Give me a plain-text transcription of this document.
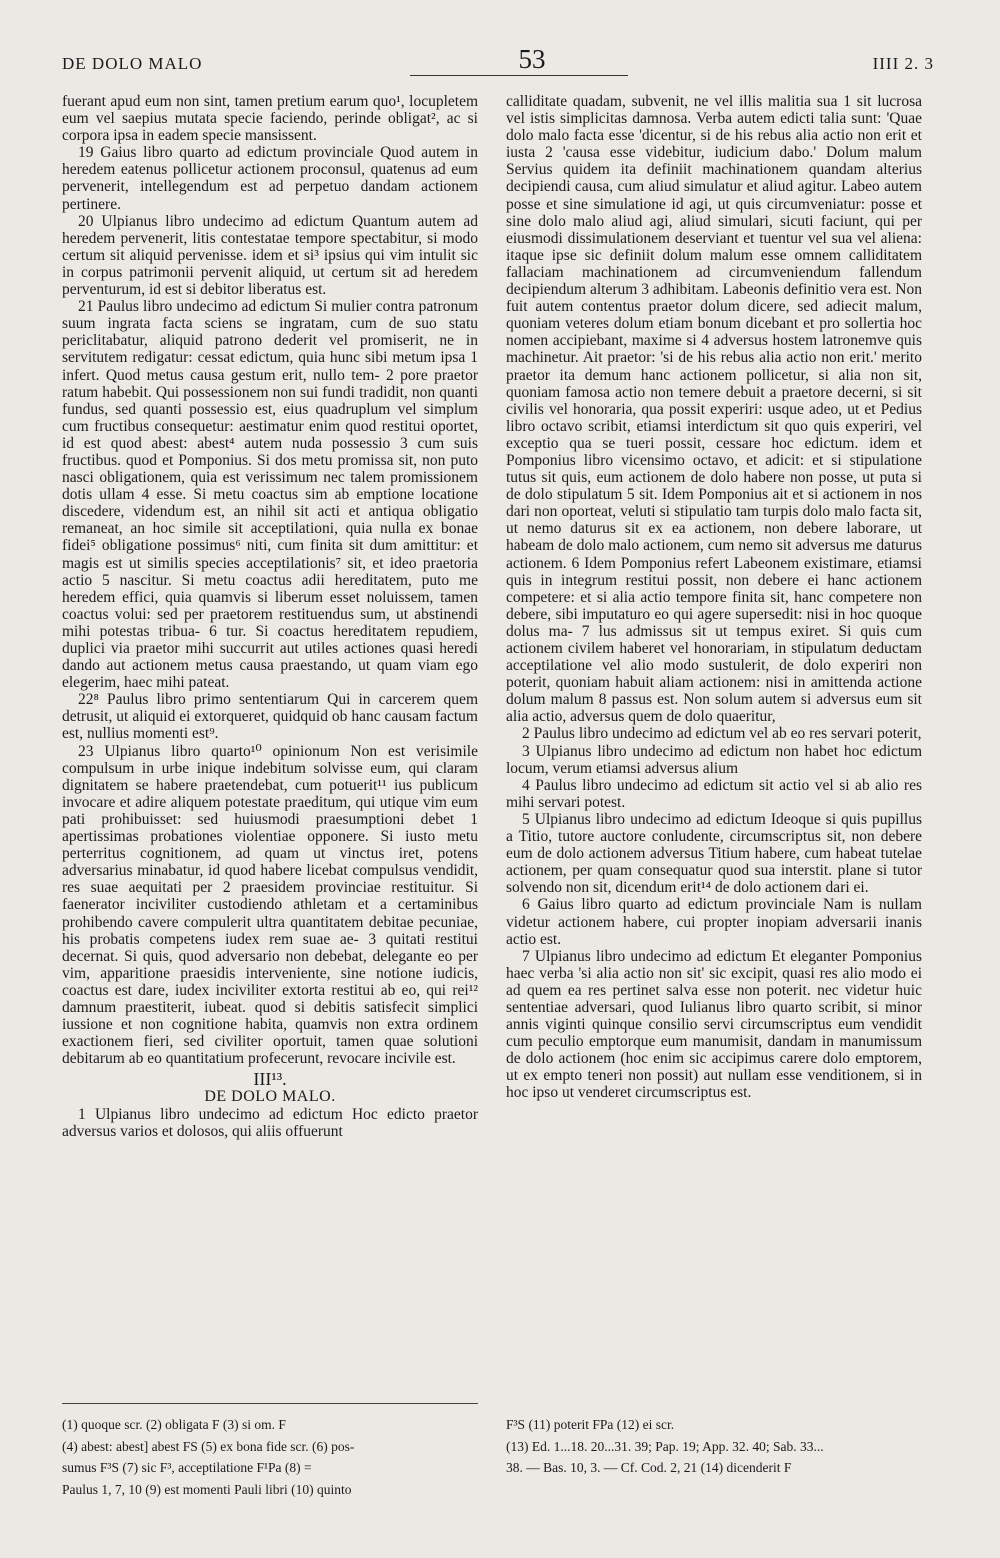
DE DOLO MALO	53	IIII 2. 3

fuerant apud eum non sint, tamen pretium earum quo¹, locupletem eum vel saepius mutata specie faciendo, perinde obligat², ac si corpora ipsa in eadem specie mansissent.

19 Gaius libro quarto ad edictum provinciale Quod autem in heredem eatenus pollicetur actionem proconsul, quatenus ad eum pervenerit, intellegendum est ad perpetuo dandam actionem pertinere.

20 Ulpianus libro undecimo ad edictum Quantum autem ad heredem pervenerit, litis contestatae tempore spectabitur, si modo certum sit aliquid pervenisse. idem et si³ ipsius qui vim intulit sic in corpus patrimonii pervenit aliquid, ut certum sit ad heredem perventurum, id est si debitor liberatus est.

21 Paulus libro undecimo ad edictum Si mulier contra patronum suum ingrata facta sciens se ingratam, cum de suo statu periclitabatur, aliquid patrono dederit vel promiserit, ne in servitutem redigatur: cessat edictum, quia hunc sibi metum ipsa 1 infert. Quod metus causa gestum erit, nullo tem- 2 pore praetor ratum habebit. Qui possessionem non sui fundi tradidit, non quanti fundus, sed quanti possessio est, eius quadruplum vel simplum cum fructibus consequetur: aestimatur enim quod restitui oportet, id est quod abest: abest⁴ autem nuda possessio 3 cum suis fructibus. quod et Pomponius. Si dos metu promissa sit, non puto nasci obligationem, quia est verissimum nec talem promissionem dotis ullam 4 esse. Si metu coactus sim ab emptione locatione discedere, videndum est, an nihil sit acti et antiqua obligatio remaneat, an hoc simile sit acceptilationi, quia nulla ex bonae fidei⁵ obligatione possimus⁶ niti, cum finita sit dum amittitur: et magis est ut similis species acceptilationis⁷ sit, et ideo praetoria actio 5 nascitur. Si metu coactus adii hereditatem, puto me heredem effici, quia quamvis si liberum esset noluissem, tamen coactus volui: sed per praetorem restituendus sum, ut abstinendi mihi potestas tribua- 6 tur. Si coactus hereditatem repudiem, duplici via praetor mihi succurrit aut utiles actiones quasi heredi dando aut actionem metus causa praestando, ut quam viam ego elegerim, haec mihi pateat.

22⁸ Paulus libro primo sententiarum Qui in carcerem quem detrusit, ut aliquid ei extorqueret, quidquid ob hanc causam factum est, nullius momenti est⁹.

23 Ulpianus libro quarto¹⁰ opinionum Non est verisimile compulsum in urbe inique indebitum solvisse eum, qui claram dignitatem se habere praetendebat, cum potuerit¹¹ ius publicum invocare et adire aliquem potestate praeditum, qui utique vim eum pati prohibuisset: sed huiusmodi praesumptioni debet 1 apertissimas probationes violentiae opponere. Si iusto metu perterritus cognitionem, ad quam ut vinctus iret, potens adversarius minabatur, id quod habere licebat compulsus vendidit, res suae aequitati per 2 praesidem provinciae restituitur. Si faenerator inciviliter custodiendo athletam et a certaminibus prohibendo cavere compulerit ultra quantitatem debitae pecuniae, his probatis competens iudex rem suae ae- 3 quitati restitui decernat. Si quis, quod adversario non debebat, delegante eo per vim, apparitione praesidis interveniente, sine notione iudicis, coactus est dare, iudex inciviliter extorta restitui ab eo, qui rei¹² damnum praestiterit, iubeat. quod si debitis satisfecit simplici iussione et non cognitione habita, quamvis non extra ordinem exactionem fieri, sed civiliter oportuit, tamen quae solutioni debitarum ab eo quantitatium profecerunt, revocare incivile est.

III¹³.
DE DOLO MALO.

1 Ulpianus libro undecimo ad edictum Hoc edicto praetor adversus varios et dolosos, qui aliis offuerunt

calliditate quadam, subvenit, ne vel illis malitia sua 1 sit lucrosa vel istis simplicitas damnosa. Verba autem edicti talia sunt: 'Quae dolo malo facta esse 'dicentur, si de his rebus alia actio non erit et iusta 2 'causa esse videbitur, iudicium dabo.' Dolum malum Servius quidem ita definiit machinationem quandam alterius decipiendi causa, cum aliud simulatur et aliud agitur. Labeo autem posse et sine simulatione id agi, ut quis circumveniatur: posse et sine dolo malo aliud agi, aliud simulari, sicuti faciunt, qui per eiusmodi dissimulationem deserviant et tuentur vel sua vel aliena: itaque ipse sic definiit dolum malum esse omnem calliditatem fallaciam machinationem ad circumveniendum fallendum decipiendum alterum 3 adhibitam. Labeonis definitio vera est. Non fuit autem contentus praetor dolum dicere, sed adiecit malum, quoniam veteres dolum etiam bonum dicebant et pro sollertia hoc nomen accipiebant, maxime si 4 adversus hostem latronemve quis machinetur. Ait praetor: 'si de his rebus alia actio non erit.' merito praetor ita demum hanc actionem pollicetur, si alia non sit, quoniam famosa actio non temere debuit a praetore decerni, si sit civilis vel honoraria, qua possit experiri: usque adeo, ut et Pedius libro octavo scribit, etiamsi interdictum sit quo quis experiri, vel exceptio qua se tueri possit, cessare hoc edictum. idem et Pomponius libro vicensimo octavo, et adicit: et si stipulatione tutus sit quis, eum actionem de dolo habere non posse, ut puta si de dolo stipulatum 5 sit. Idem Pomponius ait et si actionem in nos dari non oporteat, veluti si stipulatio tam turpis dolo malo facta sit, ut nemo daturus sit ex ea actionem, non debere laborare, ut habeam de dolo malo actionem, cum nemo sit adversus me daturus actionem. 6 Idem Pomponius refert Labeonem existimare, etiamsi quis in integrum restitui possit, non debere ei hanc actionem competere: et si alia actio tempore finita sit, hanc competere non debere, sibi imputaturo eo qui agere supersedit: nisi in hoc quoque dolus ma- 7 lus admissus sit ut tempus exiret. Si quis cum actionem civilem haberet vel honorariam, in stipulatum deductam acceptilatione vel alio modo sustulerit, de dolo experiri non poterit, quoniam habuit aliam actionem: nisi in amittenda actione dolum malum 8 passus est. Non solum autem si adversus eum sit alia actio, adversus quem de dolo quaeritur,

2 Paulus libro undecimo ad edictum vel ab eo res servari poterit,

3 Ulpianus libro undecimo ad edictum non habet hoc edictum locum, verum etiamsi adversus alium

4 Paulus libro undecimo ad edictum sit actio vel si ab alio res mihi servari potest.

5 Ulpianus libro undecimo ad edictum Ideoque si quis pupillus a Titio, tutore auctore conludente, circumscriptus sit, non debere eum de dolo actionem adversus Titium habere, cum habeat tutelae actionem, per quam consequatur quod sua interstit. plane si tutor solvendo non sit, dicendum erit¹⁴ de dolo actionem dari ei.

6 Gaius libro quarto ad edictum provinciale Nam is nullam videtur actionem habere, cui propter inopiam adversarii inanis actio est.

7 Ulpianus libro undecimo ad edictum Et eleganter Pomponius haec verba 'si alia actio non sit' sic excipit, quasi res alio modo ei ad quem ea res pertinet salva esse non poterit. nec videtur huic sententiae adversari, quod Iulianus libro quarto scribit, si minor annis viginti quinque consilio servi circumscriptus eum vendidit cum peculio emptorque eum manumisit, dandam in manumissum de dolo actionem (hoc enim sic accipimus carere dolo emptorem, ut ex empto teneri non possit) aut nullam esse venditionem, si in hoc ipso ut venderet circumscriptus est.

(1) quoque scr. (2) obligata F (3) si om. F
(4) abest: abest] abest FS (5) ex bona fide scr. (6) pos-
sumus F³S (7) sic F³, acceptilatione F¹Pa (8) =
Paulus 1, 7, 10 (9) est momenti Pauli libri (10) quinto
F³S (11) poterit FPa (12) ei scr.
(13) Ed. 1...18. 20...31. 39; Pap. 19; App. 32. 40; Sab. 33...
38. — Bas. 10, 3. — Cf. Cod. 2, 21 (14) dicenderit F
